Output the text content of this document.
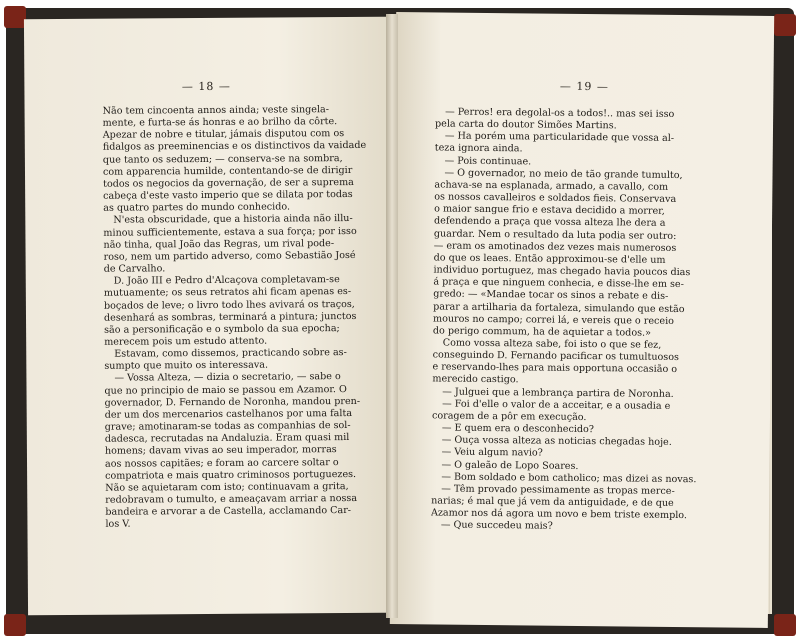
— 18 —
Não tem cincoenta annos ainda; veste singela-
mente, e furta-se ás honras e ao brilho da côrte.
Apezar de nobre e titular, jámais disputou com os
fidalgos as preeminencias e os distinctivos da vaidade
que tanto os seduzem; — conserva-se na sombra,
com apparencia humilde, contentando-se de dirigir
todos os negocios da governação, de ser a suprema
cabeça d'este vasto imperio que se dilata por todas
as quatro partes do mundo conhecido.
N'esta obscuridade, que a historia ainda não illu-
minou sufficientemente, estava a sua força; por isso
não tinha, qual João das Regras, um rival pode-
roso, nem um partido adverso, como Sebastião José
de Carvalho.
D. João III e Pedro d'Alcaçova completavam-se
mutuamente; os seus retratos ahi ficam apenas es-
boçados de leve; o livro todo lhes avivará os traços,
desenhará as sombras, terminará a pintura; junctos
são a personificação e o symbolo da sua epocha;
merecem pois um estudo attento.
Estavam, como dissemos, practicando sobre as-
sumpto que muito os interessava.
— Vossa Alteza, — dizia o secretario, — sabe o
que no principio de maio se passou em Azamor. O
governador, D. Fernando de Noronha, mandou pren-
der um dos mercenarios castelhanos por uma falta
grave; amotinaram-se todas as companhias de sol-
dadesca, recrutadas na Andaluzia. Eram quasi mil
homens; davam vivas ao seu imperador, morras
aos nossos capitães; e foram ao carcere soltar o
compatriota e mais quatro criminosos portuguezes.
Não se aquietaram com isto; continuavam a grita,
redobravam o tumulto, e ameaçavam arriar a nossa
bandeira e arvorar a de Castella, acclamando Car-
los V.
— 19 —
— Perros! era degolal-os a todos!.. mas sei isso
pela carta do doutor Simões Martins.
— Ha porém uma particularidade que vossa al-
teza ignora ainda.
— Pois continuae.
— O governador, no meio de tão grande tumulto,
achava-se na esplanada, armado, a cavallo, com
os nossos cavalleiros e soldados fieis. Conservava
o maior sangue frio e estava decidido a morrer,
defendendo a praça que vossa alteza lhe dera a
guardar. Nem o resultado da luta podia ser outro:
— eram os amotinados dez vezes mais numerosos
do que os leaes. Então approximou-se d'elle um
individuo portuguez, mas chegado havia poucos dias
á praça e que ninguem conhecia, e disse-lhe em se-
gredo: — «Mandae tocar os sinos a rebate e dis-
parar a artilharia da fortaleza, simulando que estão
mouros no campo; correi lá, e vereis que o receio
do perigo commum, ha de aquietar a todos.»
Como vossa alteza sabe, foi isto o que se fez,
conseguindo D. Fernando pacificar os tumultuosos
e reservando-lhes para mais opportuna occasião o
merecido castigo.
— Julguei que a lembrança partira de Noronha.
— Foi d'elle o valor de a acceitar, e a ousadia e
coragem de a pôr em execução.
— E quem era o desconhecido?
— Ouça vossa alteza as noticias chegadas hoje.
— Veiu algum navio?
— O galeão de Lopo Soares.
— Bom soldado e bom catholico; mas dizei as novas.
— Têm provado pessimamente as tropas merce-
narias; é mal que já vem da antiguidade, e de que
Azamor nos dá agora um novo e bem triste exemplo.
— Que succedeu mais?
